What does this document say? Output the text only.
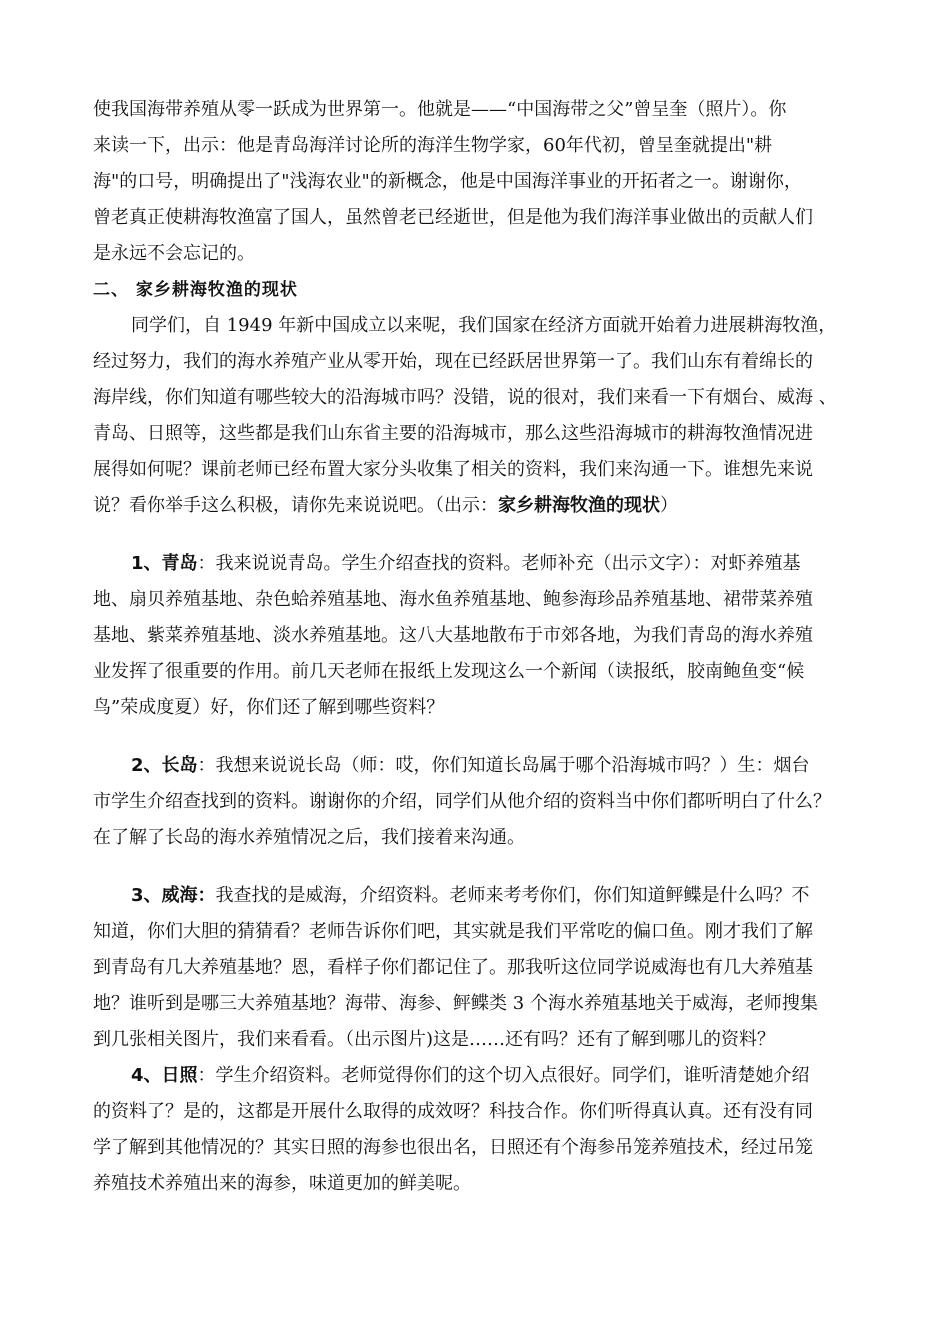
使我国海带养殖从零一跃成为世界第一。他就是——“中国海带之父”曾呈奎（照片）。你
来读一下，出示：他是青岛海洋讨论所的海洋生物学家，60年代初，曾呈奎就提出"耕
海"的口号，明确提出了"浅海农业"的新概念，他是中国海洋事业的开拓者之一。谢谢你，
曾老真正使耕海牧渔富了国人，虽然曾老已经逝世，但是他为我们海洋事业做出的贡献人们
是永远不会忘记的。
二、 家乡耕海牧渔的现状
同学们，自 1949 年新中国成立以来呢，我们国家在经济方面就开始着力进展耕海牧渔，
经过努力，我们的海水养殖产业从零开始，现在已经跃居世界第一了。我们山东有着绵长的
海岸线，你们知道有哪些较大的沿海城市吗？没错，说的很对，我们来看一下有烟台、威海 、
青岛、日照等，这些都是我们山东省主要的沿海城市，那么这些沿海城市的耕海牧渔情况进
展得如何呢？课前老师已经布置大家分头收集了相关的资料，我们来沟通一下。谁想先来说
说？看你举手这么积极，请你先来说说吧。（出示：家乡耕海牧渔的现状）
1、青岛：我来说说青岛。学生介绍查找的资料。老师补充（出示文字）：对虾养殖基
地、扇贝养殖基地、杂色蛤养殖基地、海水鱼养殖基地、鲍参海珍品养殖基地、裙带菜养殖
基地、紫菜养殖基地、淡水养殖基地。这八大基地散布于市郊各地，为我们青岛的海水养殖
业发挥了很重要的作用。前几天老师在报纸上发现这么一个新闻（读报纸，胶南鲍鱼变“候
鸟”荣成度夏）好，你们还了解到哪些资料？
2、长岛：我想来说说长岛（师：哎，你们知道长岛属于哪个沿海城市吗？）生：烟台
市学生介绍查找到的资料。谢谢你的介绍，同学们从他介绍的资料当中你们都听明白了什么？
在了解了长岛的海水养殖情况之后，我们接着来沟通。
3、威海：我查找的是威海，介绍资料。老师来考考你们，你们知道鲆鲽是什么吗？不
知道，你们大胆的猜猜看？老师告诉你们吧，其实就是我们平常吃的偏口鱼。刚才我们了解
到青岛有几大养殖基地？恩，看样子你们都记住了。那我听这位同学说威海也有几大养殖基
地？谁听到是哪三大养殖基地？海带、海参、鲆鲽类 3 个海水养殖基地关于威海，老师搜集
到几张相关图片，我们来看看。（出示图片)这是……还有吗？还有了解到哪儿的资料？
4、日照：学生介绍资料。老师觉得你们的这个切入点很好。同学们，谁听清楚她介绍
的资料了？是的，这都是开展什么取得的成效呀？科技合作。你们听得真认真。还有没有同
学了解到其他情况的？其实日照的海参也很出名，日照还有个海参吊笼养殖技术，经过吊笼
养殖技术养殖出来的海参，味道更加的鲜美呢。
